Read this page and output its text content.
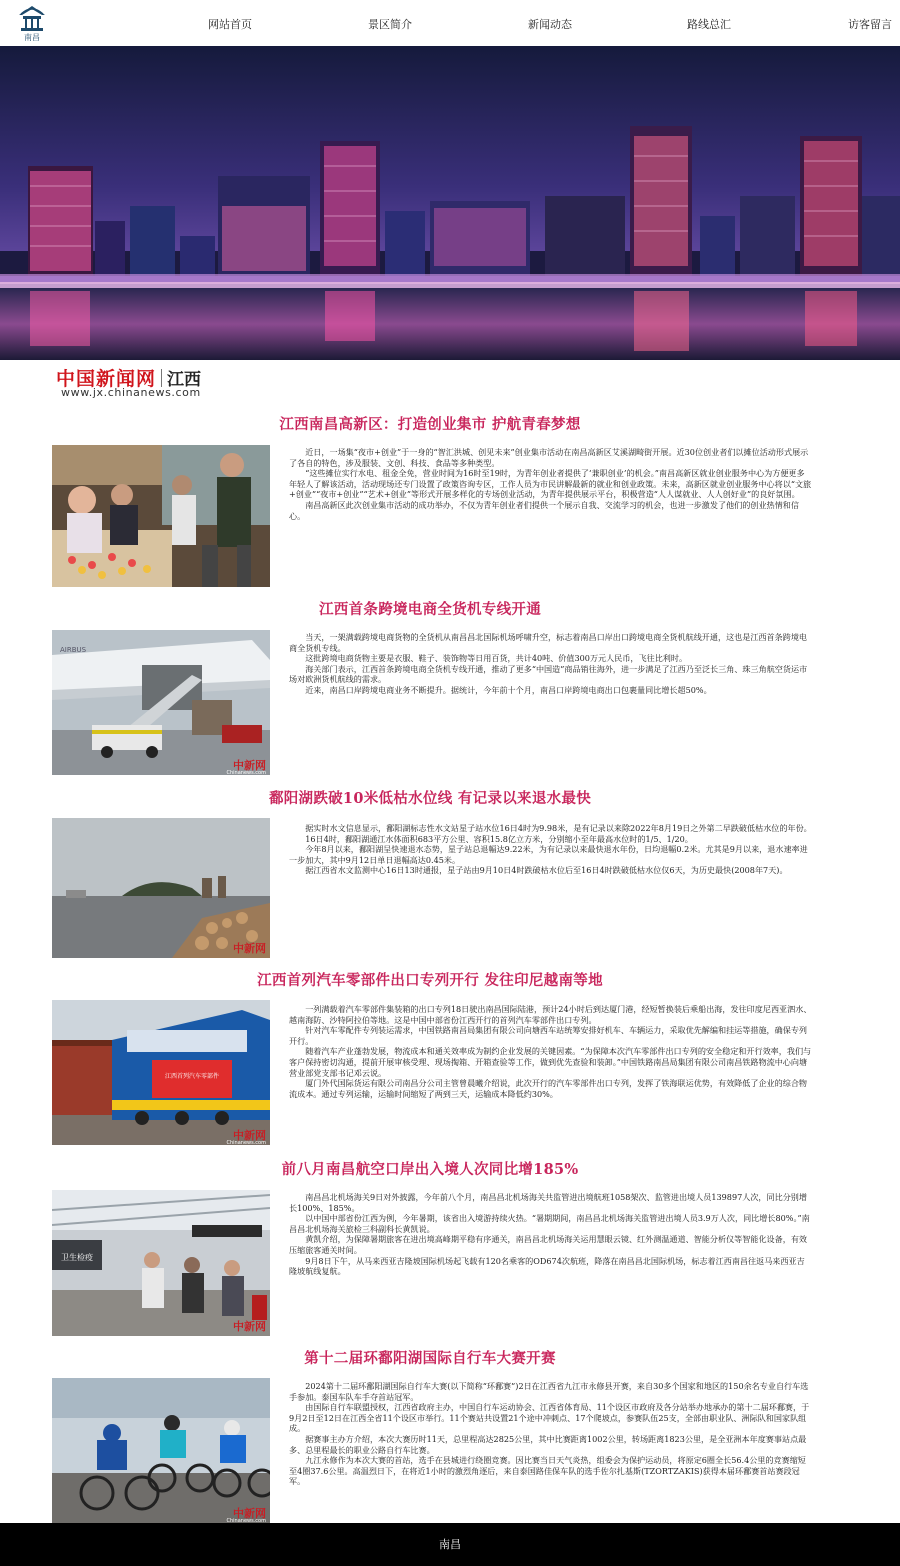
南昌
网站首页	景区简介	新闻动态	路线总汇	访客留言
中国新闻网 江西
www.jx.chinanews.com
江西南昌高新区：打造创业集市 护航青春梦想

近日，一场集“夜市+创业”于一身的“智汇洪城、创见未来”创业集市活动在南昌高新区艾溪湖畸街开展。近30位创业者们以摊位活动形式展示了各自的特色，涉及服装、文创、科技、食品等多种类型。

“这些摊位实行水电、租金全免，营业时间为16时至19时，为青年创业者提供了‘兼职创业’的机会。”南昌高新区就业创业服务中心为方便更多年轻人了解该活动，活动现场还专门设置了政策咨询专区，工作人员为市民讲解最新的就业和创业政策。未来，高新区就业创业服务中心将以“文旅+创业”“夜市+创业”“艺术+创业”等形式开展多样化的专场创业活动，为青年提供展示平台，积极营造“人人谋就业、人人创好业”的良好氛围。

南昌高新区此次创业集市活动的成功举办，不仅为青年创业者们提供一个展示自我、交流学习的机会，也进一步激发了他们的创业热情和信心。

江西首条跨境电商全货机专线开通
AIRBUS
中新网
Chinanews.com

当天，一架满载跨境电商货物的全货机从南昌昌北国际机场呼啸升空，标志着南昌口岸出口跨境电商全货机航线开通，这也是江西首条跨境电商全货机专线。

这批跨境电商货物主要是衣服、鞋子、装饰物等日用百货，共计40吨、价值300万元人民币，飞往比利时。

海关部门表示，江西首条跨境电商全货机专线开通，推动了更多“中国造”商品销往海外，进一步满足了江西乃至泛长三角、珠三角航空货运市场对欧洲货机航线的需求。

近来，南昌口岸跨境电商业务不断提升。据统计，今年前十个月，南昌口岸跨境电商出口包裹量同比增长超50%。

鄱阳湖跌破10米低枯水位线 有记录以来退水最快
中新网

据实时水文信息显示，鄱阳湖标志性水文站星子站水位16日4时为9.98米，是有记录以来除2022年8月19日之外第二早跌破低枯水位的年份。

16日4时，鄱阳湖通江水体面积683平方公里、容积15.8亿立方米，分别缩小至年最高水位时的1/5、1/20。

今年8月以来，鄱阳湖呈快速退水态势，星子站总退幅达9.22米，为有记录以来最快退水年份，日均退幅0.2米。尤其是9月以来，退水速率进一步加大，其中9月12日单日退幅高达0.45米。

据江西省水文监测中心16日13时通报，星子站由9月10日4时跌破枯水位后至16日4时跌破低枯水位仅6天，为历史最快(2008年7天)。

江西首列汽车零部件出口专列开行 发往印尼越南等地
江西首列汽车零部件
中新网
Chinanews.com

一列满载着汽车零部件集装箱的出口专列18日驶出南昌国际陆港，预计24小时后到达厦门港，经短暂换装后乘船出海，发往印度尼西亚泗水、越南海防、沙特阿拉伯等地。这是中国中部省份江西开行的首列汽车零部件出口专列。

针对汽车零配件专列装运需求，中国铁路南昌局集团有限公司向塘西车站统筹安排好机车、车辆运力，采取优先解编和挂运等措施，确保专列开行。

随着汽车产业蓬勃发展，物流成本和通关效率成为制约企业发展的关键因素。“为保障本次汽车零部件出口专列的安全稳定和开行效率，我们与客户保持密切沟通，提前开展审核受理、现场掏箱、开箱查验等工作，做到优先查验和装卸。”中国铁路南昌局集团有限公司南昌铁路物流中心向塘营业部党支部书记邓云说。

厦门外代国际货运有限公司南昌分公司主管曾晨曦介绍说，此次开行的汽车零部件出口专列，发挥了铁海联运优势，有效降低了企业的综合物流成本。通过专列运输，运输时间缩短了两到三天，运输成本降低约30%。

前八月南昌航空口岸出入境人次同比增185%
卫生检疫
中新网

南昌昌北机场海关9日对外披露，今年前八个月，南昌昌北机场海关共监管进出境航班1058架次、监管进出境人员139897人次，同比分别增长100%、185%。

以中国中部省份江西为例，今年暑期，该省出入境游持续火热。“暑期期间，南昌昌北机场海关监管进出境人员3.9万人次，同比增长80%。”南昌昌北机场海关旅检三科副科长黄凯说。

黄凯介绍，为保障暑期旅客在进出境高峰期平稳有序通关，南昌昌北机场海关运用慧眼云镜、红外测温通道、智能分析仪等智能化设备，有效压缩旅客通关时间。

9月8日下午，从马来西亚吉隆坡国际机场起飞载有120名乘客的OD674次航班，降落在南昌昌北国际机场，标志着江西南昌往返马来西亚吉隆坡航线复航。

第十二届环鄱阳湖国际自行车大赛开赛
中新网
Chinanews.com

2024第十二届环鄱阳湖国际自行车大赛(以下简称“环鄱赛”)2日在江西省九江市永修县开赛，来自30多个国家和地区的150余名专业自行车选手参加。泰国车队车手夺首站冠军。

由国际自行车联盟授权，江西省政府主办，中国自行车运动协会、江西省体育局、11个设区市政府及各分站举办地承办的第十二届环鄱赛，于9月2日至12日在江西全省11个设区市举行。11个赛站共设置21个途中冲刺点、17个爬坡点，参赛队伍25支，全部由职业队、洲际队和国家队组成。

据赛事主办方介绍，本次大赛历时11天，总里程高达2825公里，其中比赛距离1002公里，转场距离1823公里，是全亚洲本年度赛事站点最多、总里程最长的职业公路自行车比赛。

九江永修作为本次大赛的首站，选手在县城进行绕圈竞赛。因比赛当日天气炎热，组委会为保护运动员，将原定6圈全长56.4公里的竞赛缩短至4圈37.6公里。高温烈日下，在将近1小时的激烈角逐后，来自泰国路佳保车队的选手佐尔扎基斯(TZORTZAKIS)获得本届环鄱赛首站赛段冠军。

南昌
